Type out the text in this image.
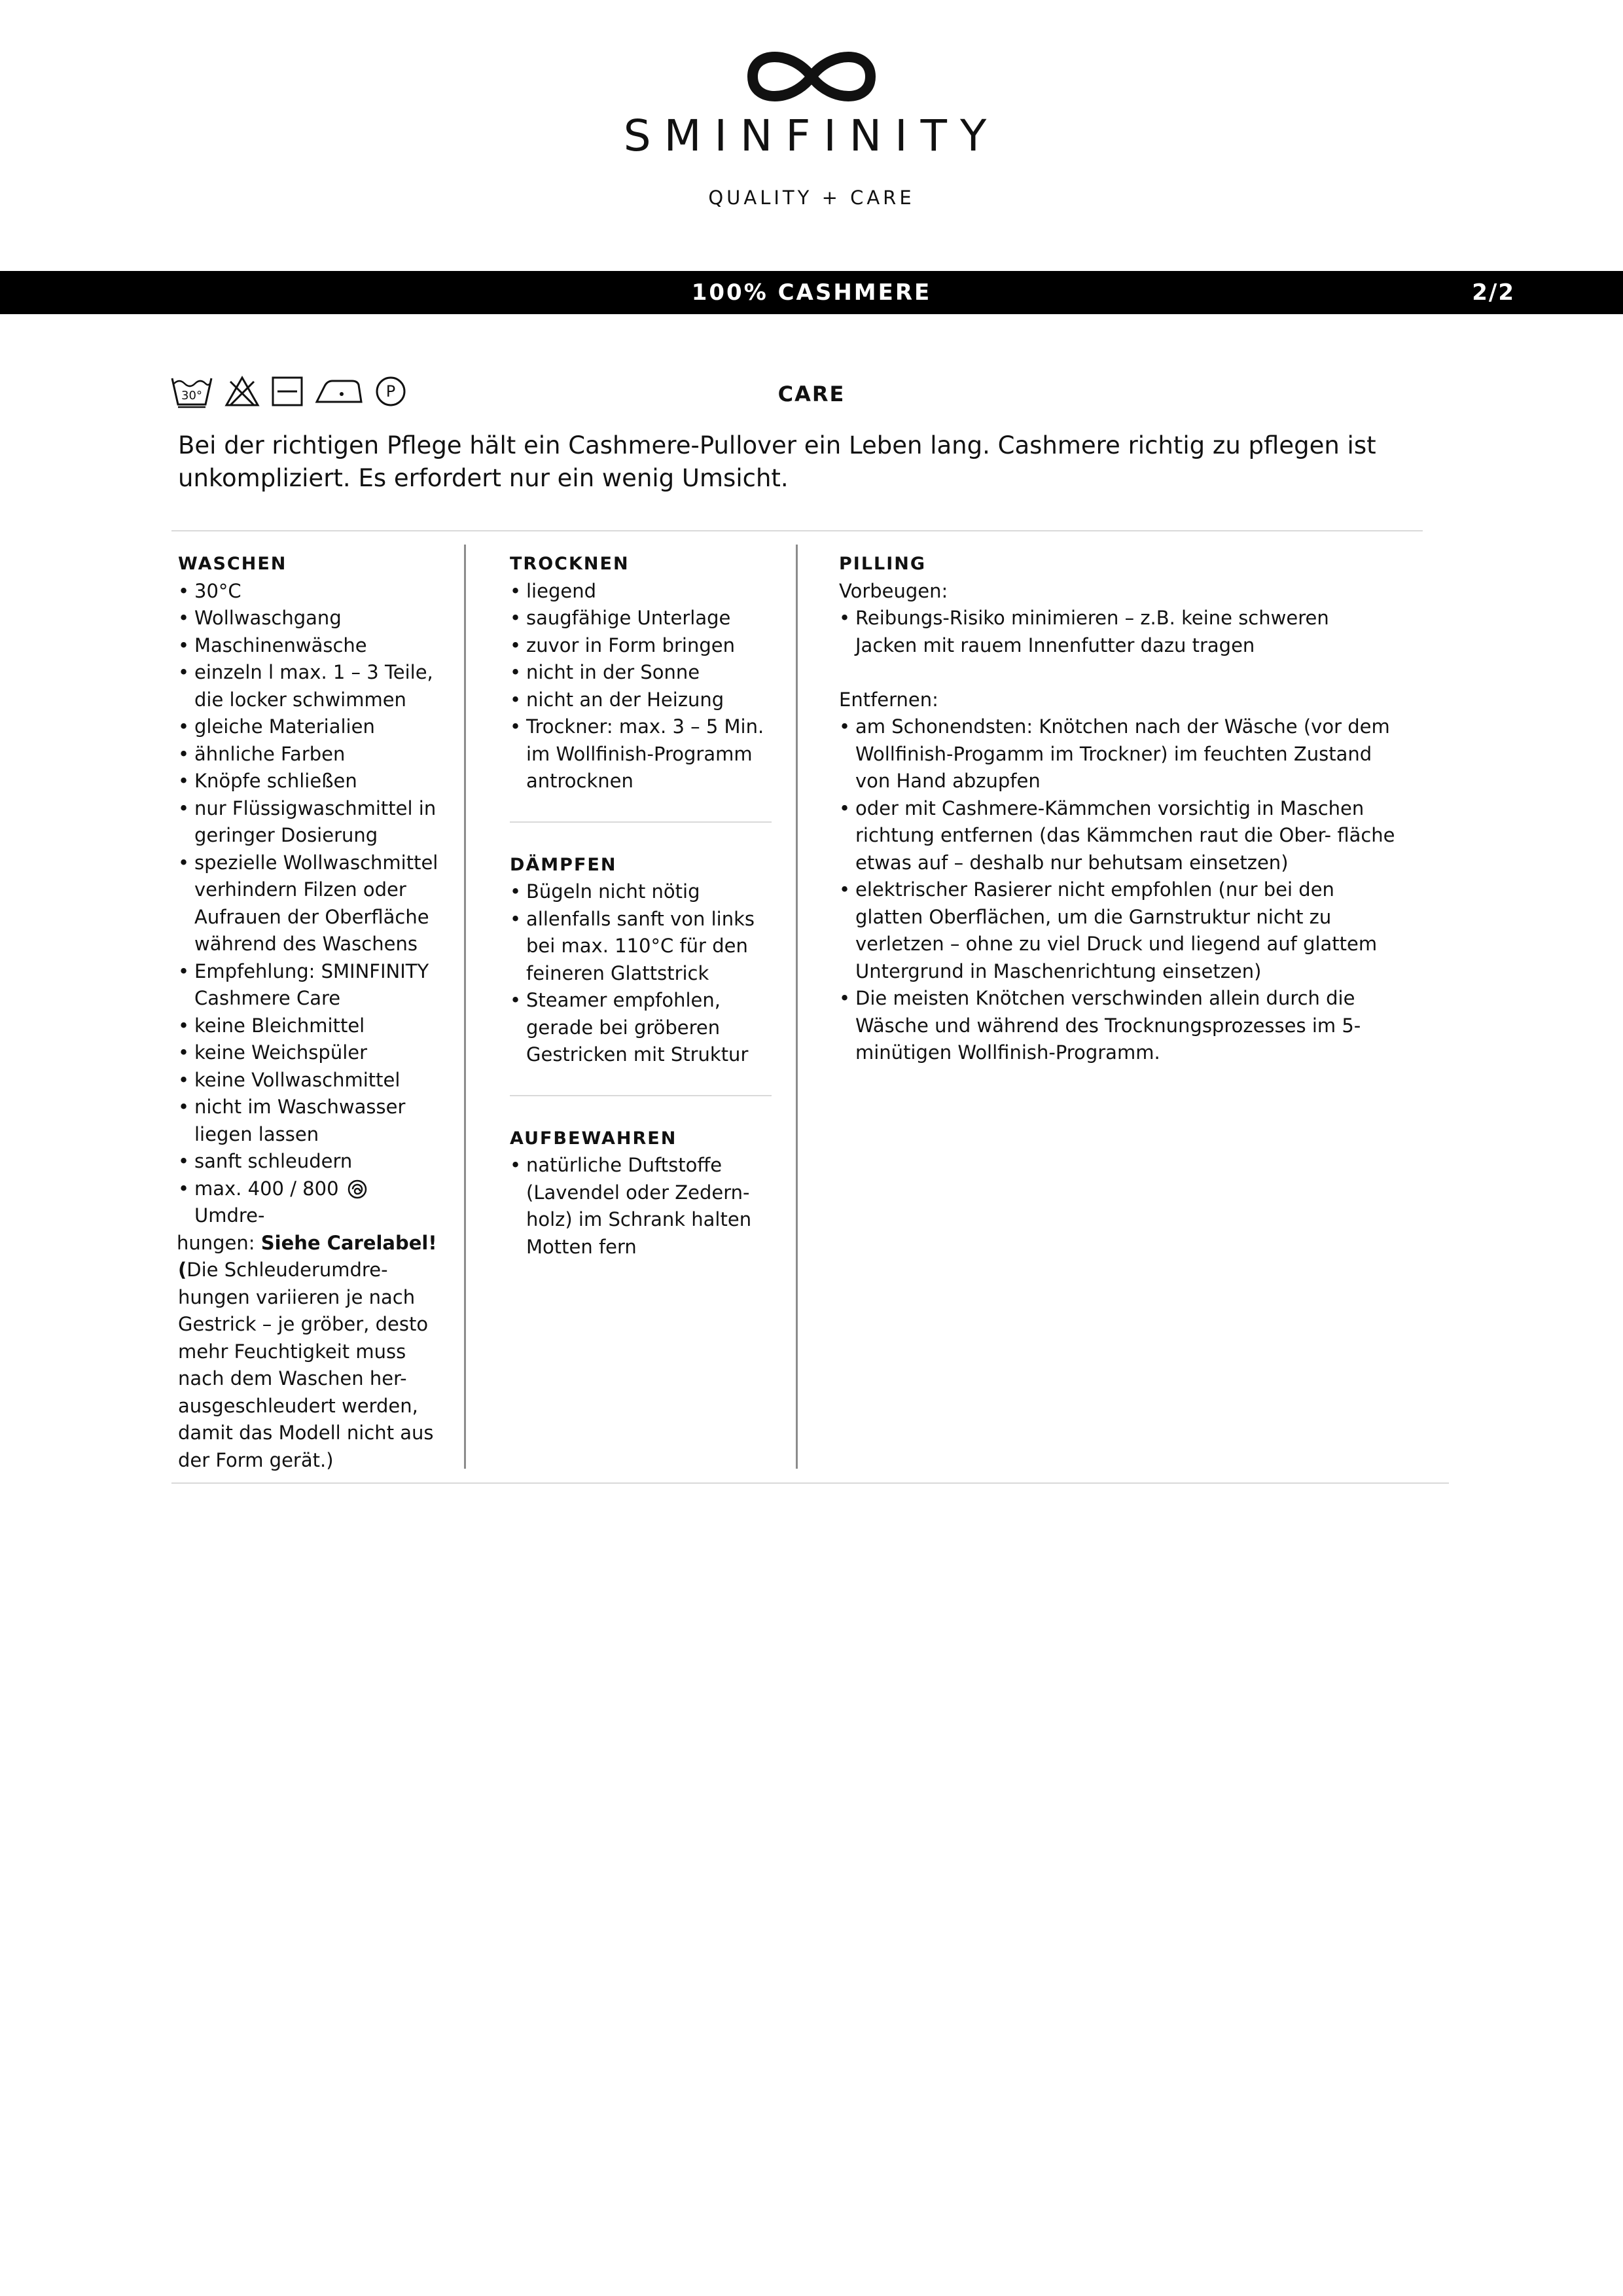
SMINFINITY
QUALITY + CARE
100% CASHMERE	2/2
30°	P	CARE
Bei der richtigen Pflege hält ein Cashmere-Pullover ein Leben lang. Cashmere richtig zu pflegen ist unkompliziert. Es erfordert nur ein wenig Umsicht.
WASCHEN
• 30°C
• Wollwaschgang
• Maschinenwäsche
• einzeln l max. 1 – 3 Teile, die locker schwimmen
• gleiche Materialien
• ähnliche Farben
• Knöpfe schließen
• nur Flüssigwaschmittel in geringer Dosierung
• spezielle Wollwaschmittel verhindern Filzen oder Aufrauen der Oberfläche während des Waschens
• Empfehlung: SMINFINITY Cashmere Care
• keine Bleichmittel
• keine Weichspüler
• keine Vollwaschmittel
• nicht im Waschwasser liegen lassen
• sanft schleudern
• max. 400 / 800  Umdre-
hungen: Siehe Carelabel!
(Die Schleuderumdre- hungen variieren je nach Gestrick – je gröber, desto mehr Feuchtigkeit muss nach dem Waschen her- ausgeschleudert werden, damit das Modell nicht aus der Form gerät.)
TROCKNEN
• liegend
• saugfähige Unterlage
• zuvor in Form bringen
• nicht in der Sonne
• nicht an der Heizung
• Trockner: max. 3 – 5 Min. im Wollfinish-Programm antrocknen
DÄMPFEN
• Bügeln nicht nötig
• allenfalls sanft von links bei max. 110°C für den feineren Glattstrick
• Steamer empfohlen, gerade bei gröberen Gestricken mit Struktur
AUFBEWAHREN
• natürliche Duftstoffe (Lavendel oder Zedern- holz) im Schrank halten Motten fern
PILLING
Vorbeugen:
• Reibungs-Risiko minimieren – z.B. keine schweren Jacken mit rauem Innenfutter dazu tragen
Entfernen:
• am Schonendsten: Knötchen nach der Wäsche (vor dem Wollfinish-Progamm im Trockner) im feuchten Zustand von Hand abzupfen
• oder mit Cashmere-Kämmchen vorsichtig in Maschen richtung entfernen (das Kämmchen raut die Ober- fläche etwas auf – deshalb nur behutsam einsetzen)
• elektrischer Rasierer nicht empfohlen (nur bei den glatten Oberflächen, um die Garnstruktur nicht zu verletzen – ohne zu viel Druck und liegend auf glattem Untergrund in Maschenrichtung einsetzen)
• Die meisten Knötchen verschwinden allein durch die Wäsche und während des Trocknungsprozesses im 5-minütigen Wollfinish-Programm.
